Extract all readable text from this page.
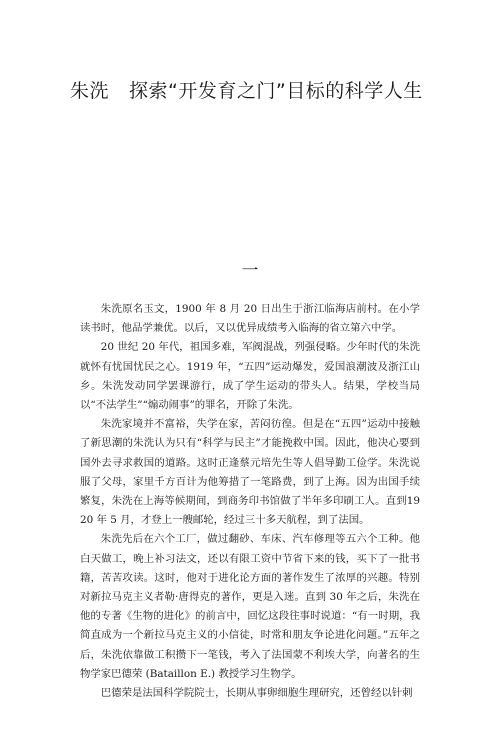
朱洗 探索“开发育之门”目标的科学人生
一

朱洗原名玉文，1900 年 8 月 20 日出生于浙江临海店前村。在小学读书时，他品学兼优。以后，又以优异成绩考入临海的省立第六中学。

20 世纪 20 年代，祖国多难，军阀混战，列强侵略。少年时代的朱洗就怀有忧国忧民之心。1919 年，“五四”运动爆发，爱国浪潮波及浙江山乡。朱洗发动同学罢课游行，成了学生运动的带头人。结果，学校当局以“不法学生”“煽动闹事”的罪名，开除了朱洗。

朱洗家境并不富裕，失学在家，苦闷彷徨。但是在“五四”运动中接触了新思潮的朱洗认为只有“科学与民主”才能挽救中国。因此，他决心要到国外去寻求救国的道路。这时正逢蔡元培先生等人倡导勤工俭学。朱洗说服了父母，家里千方百计为他筹措了一笔路费，到了上海。因为出国手续繁复，朱洗在上海等候期间，到商务印书馆做了半年多印刷工人。直到1920 年 5 月，才登上一艘邮轮，经过三十多天航程，到了法国。

朱洗先后在六个工厂，做过翻砂、车床、汽车修理等五六个工种。他白天做工，晚上补习法文，还以有限工资中节省下来的钱，买下了一批书籍，苦苦攻读。这时，他对于进化论方面的著作发生了浓厚的兴趣。特别对新拉马克主义者勒·唐得克的著作，更是入迷。直到 30 年之后，朱洗在他的专著《生物的进化》的前言中，回忆这段往事时说道：“有一时期，我简直成为一个新拉马克主义的小信徒，时常和朋友争论进化问题。”五年之后，朱洗依靠做工积攒下一笔钱，考入了法国蒙不利埃大学，向著名的生物学家巴德荣 (Bataillon E.) 教授学习生物学。

巴德荣是法国科学院院士，长期从事卵细胞生理研究，还曾经以针刺
